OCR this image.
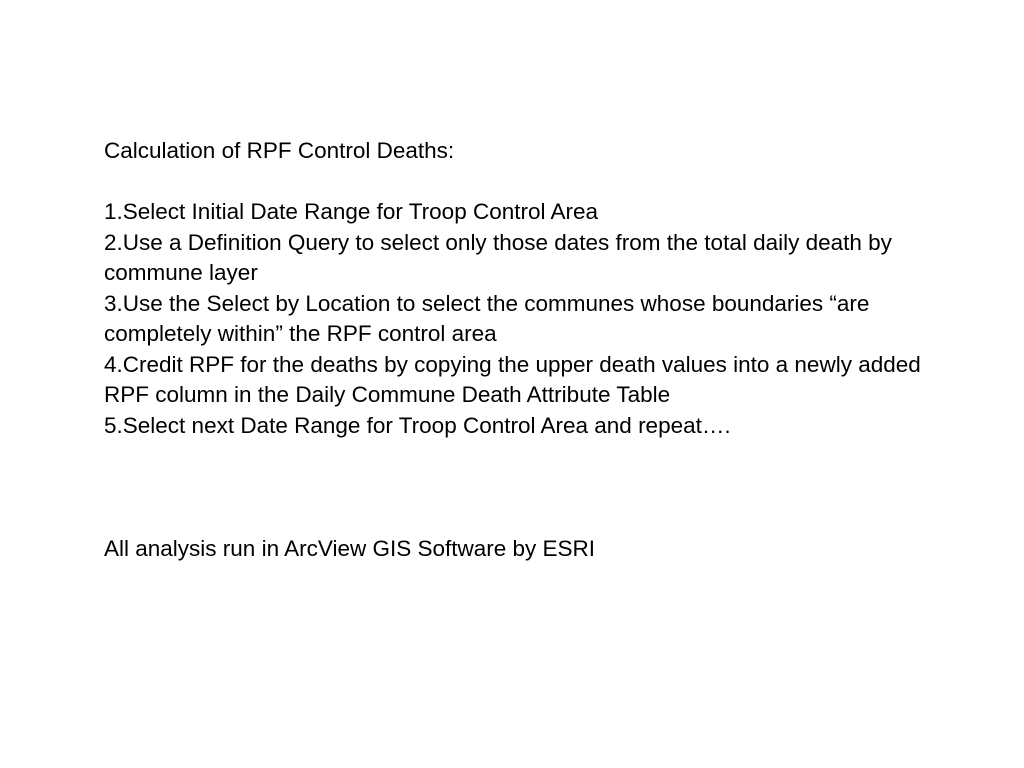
Calculation of RPF Control Deaths:
1.Select Initial Date Range for Troop Control Area
2.Use a Definition Query to select only those dates from the total daily death by commune layer
3.Use the Select by Location to select the communes whose boundaries “are completely within” the RPF control area
4.Credit RPF for the deaths by copying the upper death values into a newly added RPF column in the Daily Commune Death Attribute Table
5.Select next Date Range for Troop Control Area and repeat….

All analysis run in ArcView GIS Software by ESRI
